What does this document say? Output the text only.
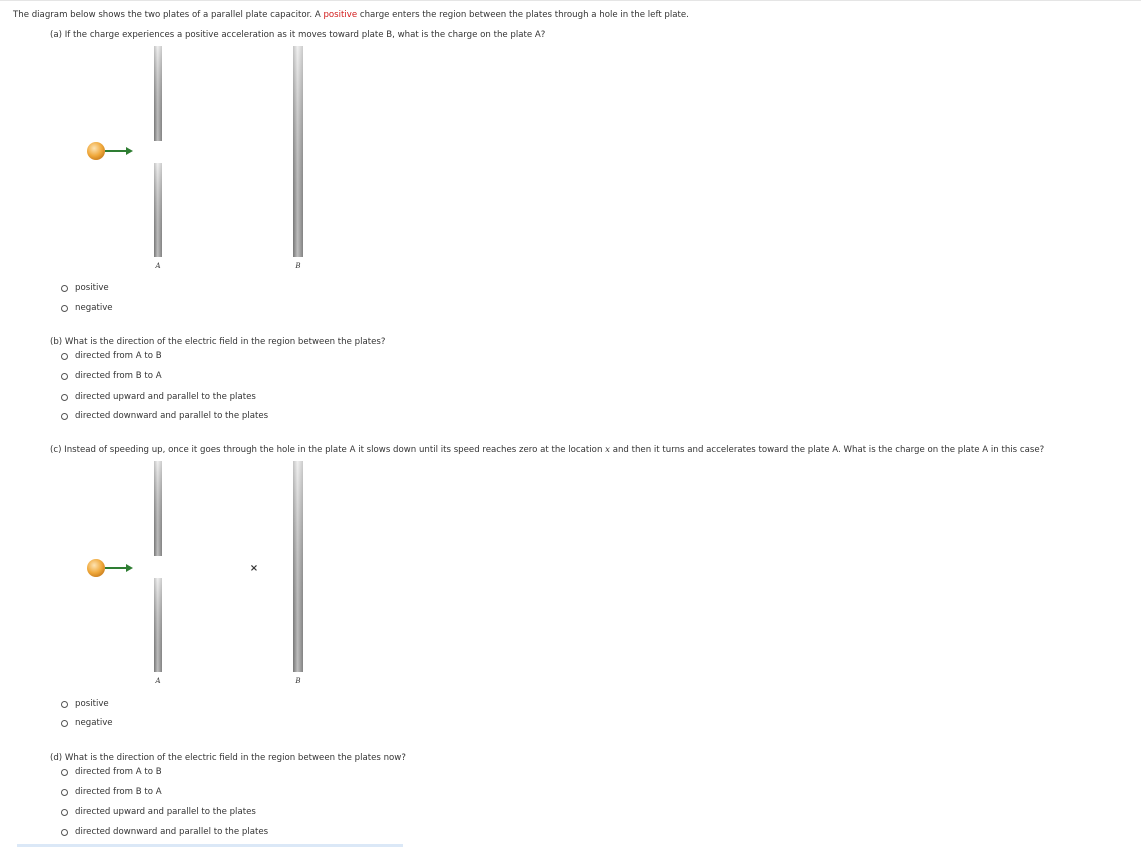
The diagram below shows the two plates of a parallel plate capacitor. A positive charge enters the region between the plates through a hole in the left plate.
(a) If the charge experiences a positive acceleration as it moves toward plate B, what is the charge on the plate A?
A	B
positive
negative
(b) What is the direction of the electric field in the region between the plates?
directed from A to B
directed from B to A
directed upward and parallel to the plates
directed downward and parallel to the plates
(c) Instead of speeding up, once it goes through the hole in the plate A it slows down until its speed reaches zero at the location x and then it turns and accelerates toward the plate A. What is the charge on the plate A in this case?
×
A	B
positive
negative
(d) What is the direction of the electric field in the region between the plates now?
directed from A to B
directed from B to A
directed upward and parallel to the plates
directed downward and parallel to the plates
